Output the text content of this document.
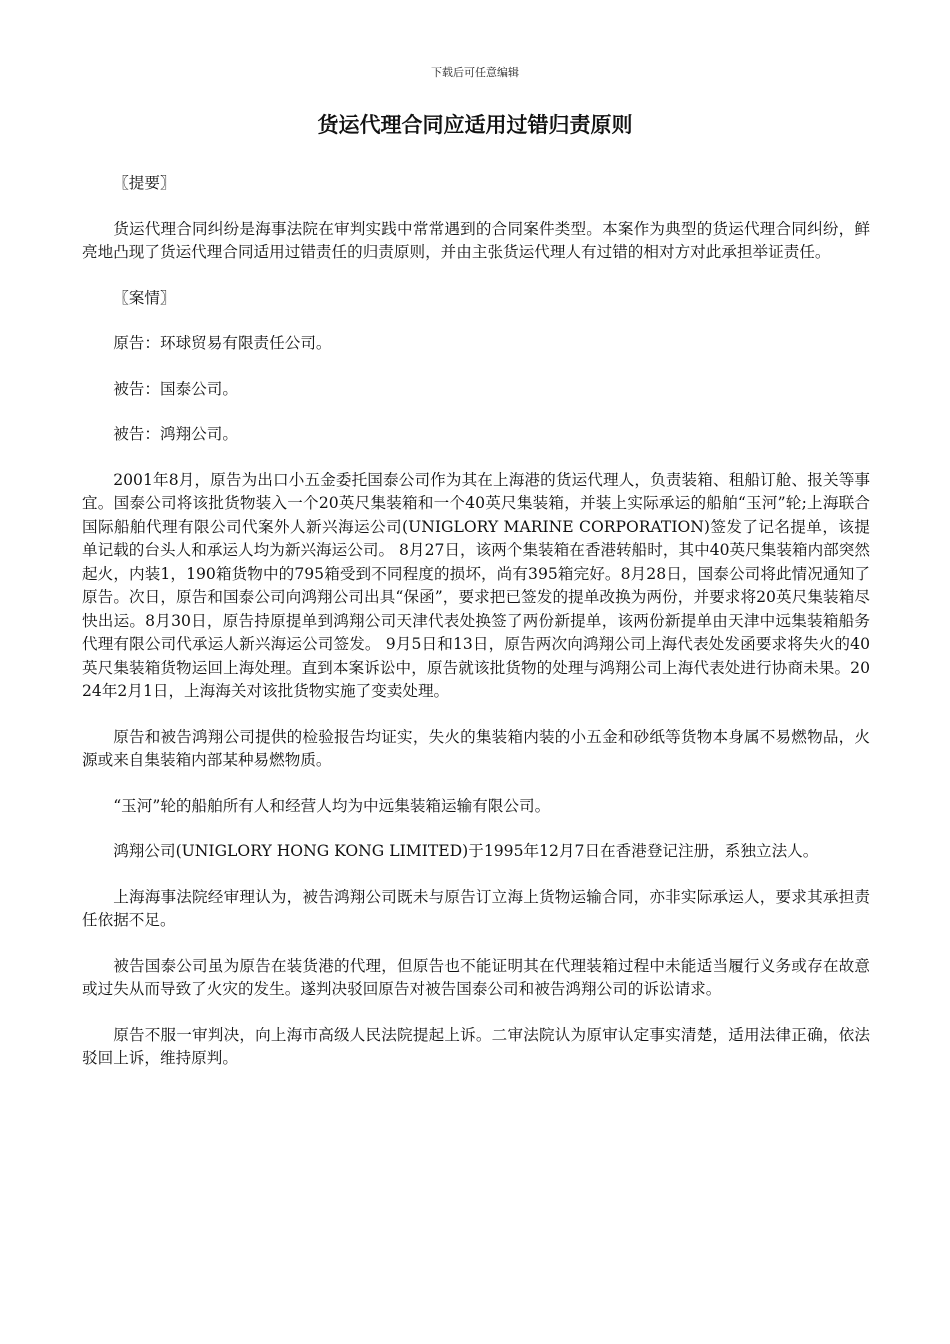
下载后可任意编辑
货运代理合同应适用过错归责原则

〖提要〗

货运代理合同纠纷是海事法院在审判实践中常常遇到的合同案件类型。本案作为典型的货运代理合同纠纷，鲜亮地凸现了货运代理合同适用过错责任的归责原则，并由主张货运代理人有过错的相对方对此承担举证责任。

〖案情〗

原告：环球贸易有限责任公司。

被告：国泰公司。

被告：鸿翔公司。

2001年8月，原告为出口小五金委托国泰公司作为其在上海港的货运代理人，负责装箱、租船订舱、报关等事宜。国泰公司将该批货物装入一个20英尺集装箱和一个40英尺集装箱，并装上实际承运的船舶“玉河”轮;上海联合国际船舶代理有限公司代案外人新兴海运公司(UNIGLORY MARINE CORPORATION)签发了记名提单，该提单记载的台头人和承运人均为新兴海运公司。 8月27日，该两个集装箱在香港转船时，其中40英尺集装箱内部突然起火，内装1，190箱货物中的795箱受到不同程度的损坏，尚有395箱完好。8月28日，国泰公司将此情况通知了原告。次日，原告和国泰公司向鸿翔公司出具“保函”，要求把已签发的提单改换为两份，并要求将20英尺集装箱尽快出运。8月30日，原告持原提单到鸿翔公司天津代表处换签了两份新提单，该两份新提单由天津中远集装箱船务代理有限公司代承运人新兴海运公司签发。 9月5日和13日，原告两次向鸿翔公司上海代表处发函要求将失火的40英尺集装箱货物运回上海处理。直到本案诉讼中，原告就该批货物的处理与鸿翔公司上海代表处进行协商未果。2024年2月1日，上海海关对该批货物实施了变卖处理。

原告和被告鸿翔公司提供的检验报告均证实，失火的集装箱内装的小五金和砂纸等货物本身属不易燃物品，火源或来自集装箱内部某种易燃物质。

“玉河”轮的船舶所有人和经营人均为中远集装箱运输有限公司。

鸿翔公司(UNIGLORY HONG KONG LIMITED)于1995年12月7日在香港登记注册，系独立法人。

上海海事法院经审理认为，被告鸿翔公司既未与原告订立海上货物运输合同，亦非实际承运人，要求其承担责任依据不足。

被告国泰公司虽为原告在装货港的代理，但原告也不能证明其在代理装箱过程中未能适当履行义务或存在故意或过失从而导致了火灾的发生。遂判决驳回原告对被告国泰公司和被告鸿翔公司的诉讼请求。

原告不服一审判决，向上海市高级人民法院提起上诉。二审法院认为原审认定事实清楚，适用法律正确，依法驳回上诉，维持原判。
